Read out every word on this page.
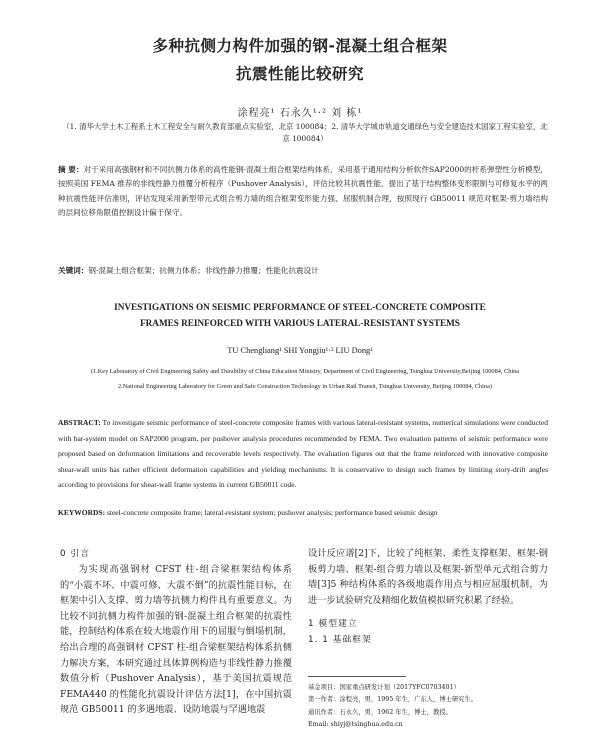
多种抗侧力构件加强的钢-混凝土组合框架
抗震性能比较研究
涂程亮¹ 石永久¹·² 刘 栋¹
（1. 清华大学土木工程系土木工程安全与耐久教育部重点实验室，北京 100084；2. 清华大学城市轨道交通绿色与安全建造技术国家工程实验室，北京 100084）
摘 要：对于采用高强钢材和不同抗侧力体系的高性能钢-混凝土组合框架结构体系，采用基于通用结构分析软件SAP2000的杆系弹塑性分析模型，按照美国 FEMA 推荐的非线性静力推覆分析程序（Pushover Analysis），评估比较其抗震性能，提出了基于结构整体变形限制与可修复水平的两种抗震性能评估准则，评估发现采用新型带元式组合剪力墙的组合框架变形能力强、屈服机制合理，按照现行 GB50011 规范对框架-剪力墙结构的层间位移角限值控制设计偏于保守。
关键词：钢-混凝土组合框架；抗侧力体系；非线性静力推覆；性能化抗震设计
INVESTIGATIONS ON SEISMIC PERFORMANCE OF STEEL-CONCRETE COMPOSITE
FRAMES REINFORCED WITH VARIOUS LATERAL-RESISTANT SYSTEMS
TU Chengliang¹ SHI Yongjiu¹·² LIU Dong¹
(1.Key Laboratory of Civil Engineering Safety and Durability of China Education Ministry, Department of Civil Engineering, Tsinghua University,Beijing 100084, China 2.National Engineering Laboratory for Green and Safe Construction Technology in Urban Rail Transit, Tsinghua University, Beijing 100084, China)
ABSTRACT: To investigate seismic performance of steel-concrete composite frames with various lateral-resistant systems, numerical simulations were conducted with bar-system model on SAP2000 program, per pushover analysis procedures recommended by FEMA. Two evaluation patterns of seismic performance were proposed based on deformation limitations and recoverable levels respectively. The evaluation figures out that the frame reinforced with innovative composite shear-wall units has rather efficient deformation capabilities and yielding mechanisms. It is conservative to design such frames by limiting story-drift angles according to provisions for shear-wall frame systems in current GB50011 code.
KEYWORDS: steel-concrete composite frame; lateral-resistant system; pushover analysis; performance based seismic design
0 引言

为实现高强钢材 CFST 柱-组合梁框架结构体系的“小震不坏、中震可修、大震不倒”的抗震性能目标，在框架中引入支撑、剪力墙等抗侧力构件具有重要意义。为比较不同抗侧力构件加强的钢-混凝土组合框架的抗震性能，控制结构体系在较大地震作用下的屈服与倒塌机制，给出合理的高强钢材 CFST 柱-组合梁框架结构体系抗侧力解决方案，本研究通过具体算例构造与非线性静力推覆数值分析（Pushover Analysis），基于美国抗震规范 FEMA440 的性能化抗震设计评估方法[1]，在中国抗震规范 GB50011 的多遇地震、设防地震与罕遇地震

设计反应谱[2]下，比较了纯框架、柔性支撑框架、框架-钢板剪力墙、框架-组合剪力墙以及框架-新型单元式组合剪力墙[3]5 种结构体系的各级地震作用点与相应屈服机制，为进一步试验研究及精细化数值模拟研究积累了经验。

1 模型建立
1. 1 基础框架
基金项目：国家重点研发计划（2017YFC0703401）
第一作者：涂程亮，男，1995 年生，广东人，博士研究生。
通讯作者：石永久，男，1962 年生，博士，教授。
Email: shiyj@tsinghua.edu.cn
